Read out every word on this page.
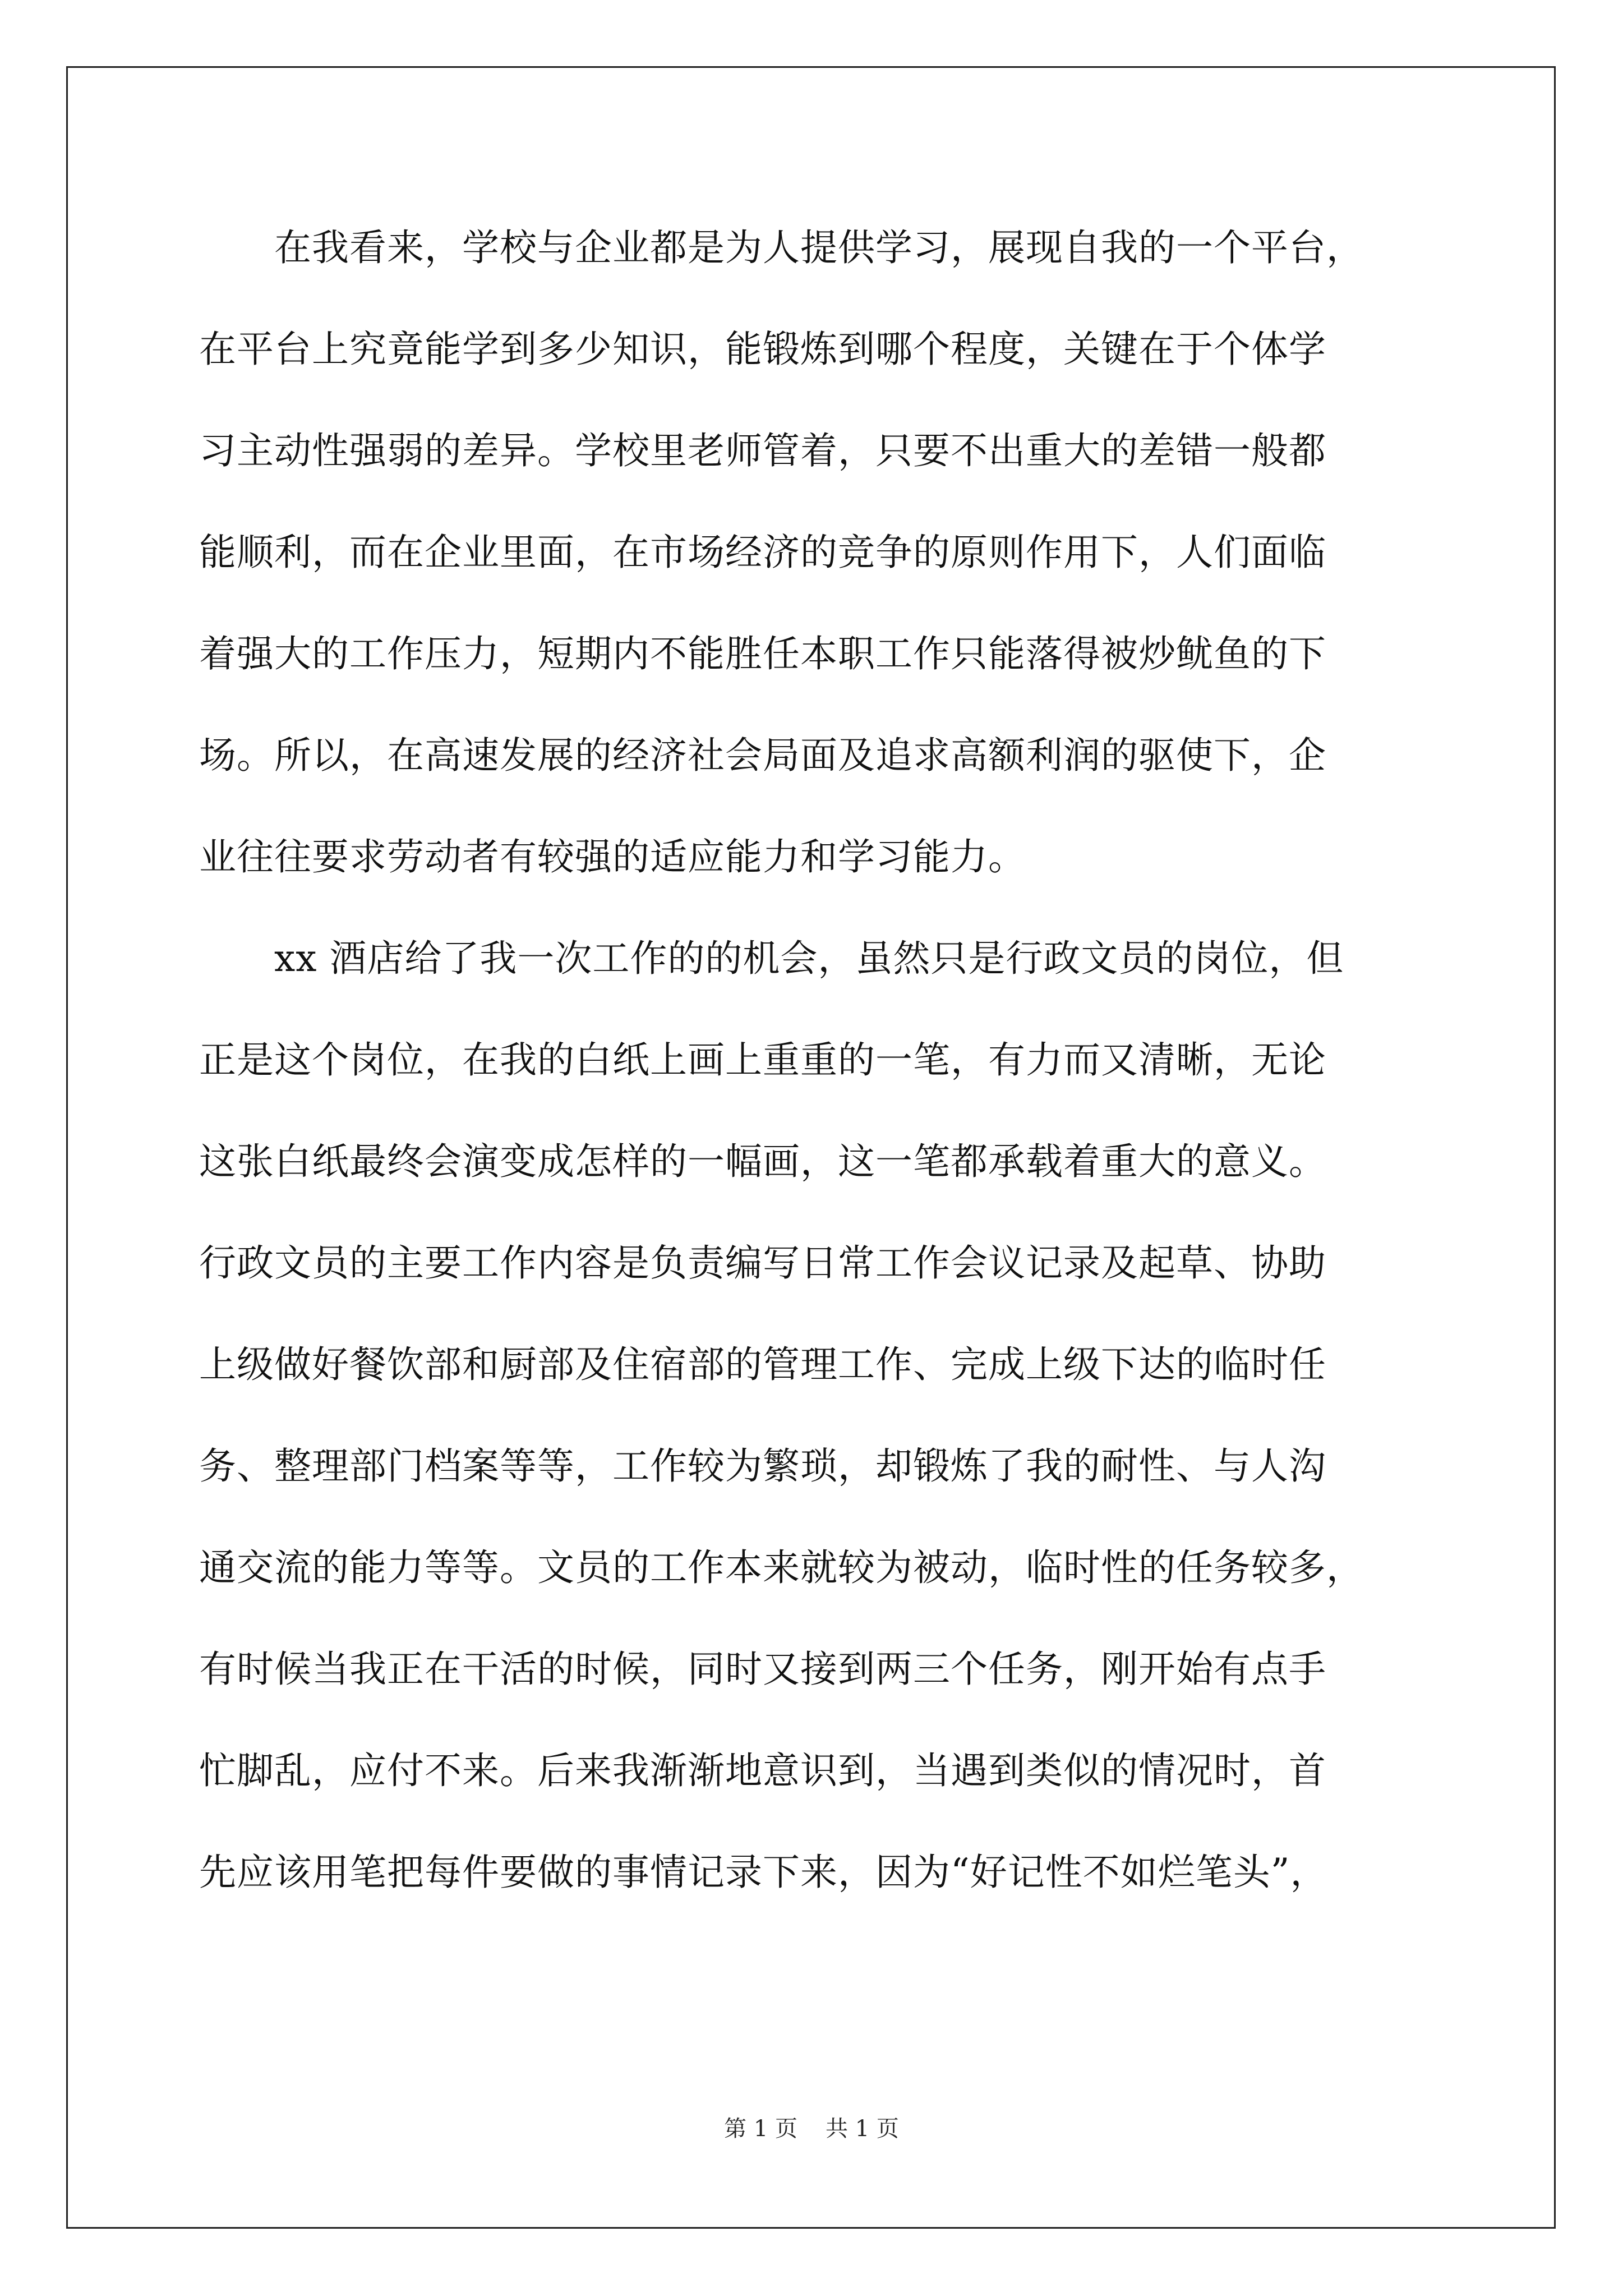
　　在我看来，学校与企业都是为人提供学习，展现自我的一个平台，
在平台上究竟能学到多少知识，能锻炼到哪个程度，关键在于个体学
习主动性强弱的差异。学校里老师管着，只要不出重大的差错一般都
能顺利，而在企业里面，在市场经济的竞争的原则作用下，人们面临
着强大的工作压力，短期内不能胜任本职工作只能落得被炒鱿鱼的下
场。所以，在高速发展的经济社会局面及追求高额利润的驱使下，企
业往往要求劳动者有较强的适应能力和学习能力。
　　xx 酒店给了我一次工作的的机会，虽然只是行政文员的岗位，但
正是这个岗位，在我的白纸上画上重重的一笔，有力而又清晰，无论
这张白纸最终会演变成怎样的一幅画，这一笔都承载着重大的意义。
行政文员的主要工作内容是负责编写日常工作会议记录及起草、协助
上级做好餐饮部和厨部及住宿部的管理工作、完成上级下达的临时任
务、整理部门档案等等，工作较为繁琐，却锻炼了我的耐性、与人沟
通交流的能力等等。文员的工作本来就较为被动，临时性的任务较多，
有时候当我正在干活的时候，同时又接到两三个任务，刚开始有点手
忙脚乱，应付不来。后来我渐渐地意识到，当遇到类似的情况时，首
先应该用笔把每件要做的事情记录下来，因为“好记性不如烂笔头”，
第 1 页 共 1 页
